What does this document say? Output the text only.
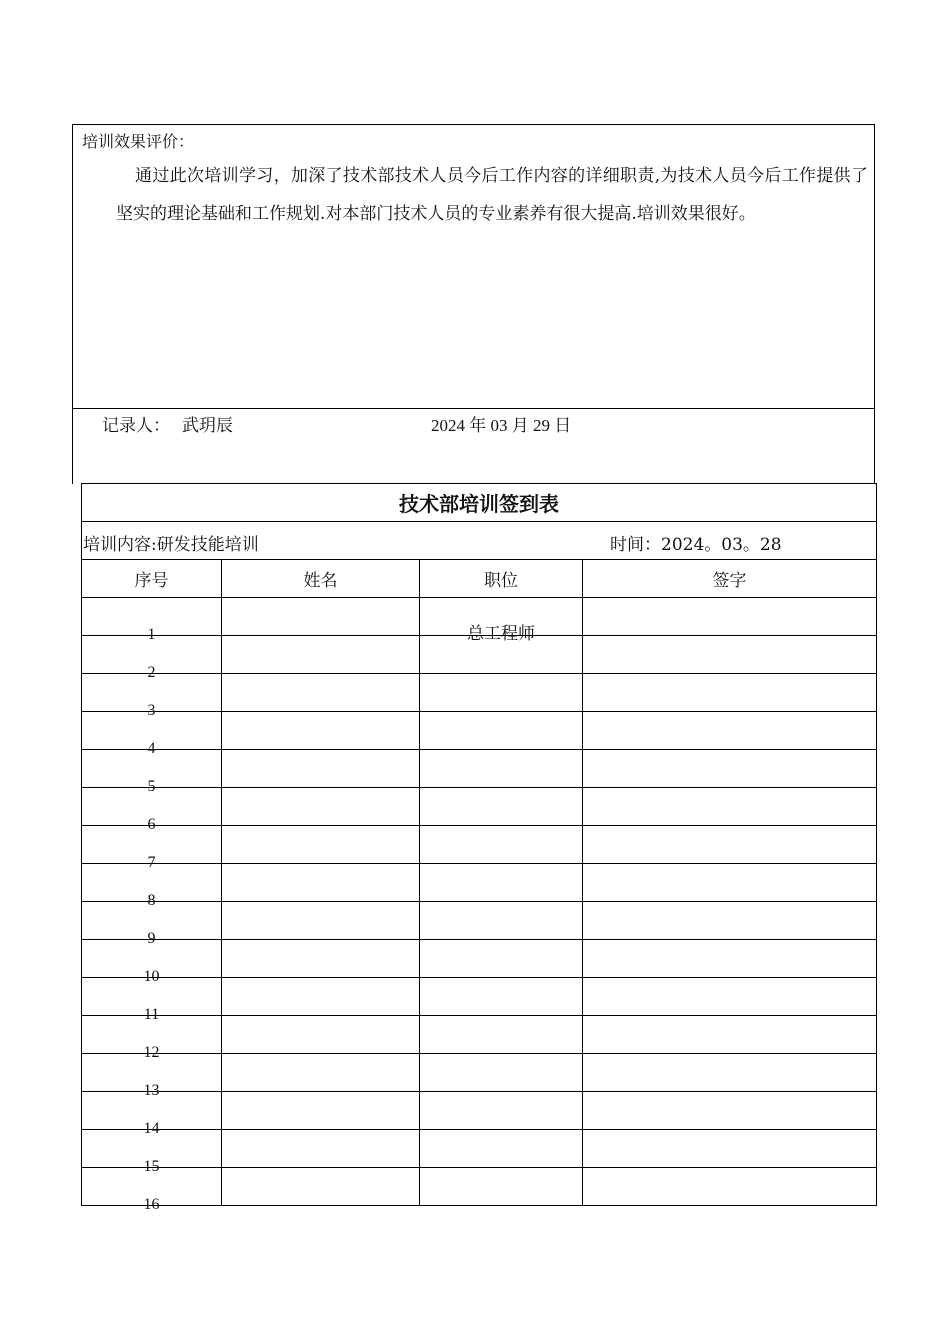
培训效果评价：
通过此次培训学习，加深了技术部技术人员今后工作内容的详细职责,为技术人员今后工作提供了坚实的理论基础和工作规划.对本部门技术人员的专业素养有很大提高.培训效果很好。
记录人： 武玥辰	2024 年 03 月 29 日
技术部培训签到表			

培训内容:研发技能培训 时间：2024。03。28			

序号	姓名	职位	签字
1		总工程师	
2			
3			
4			
5			
6			
7			
8			
9			
10			
11			
12			
13			
14			
15			
16			
